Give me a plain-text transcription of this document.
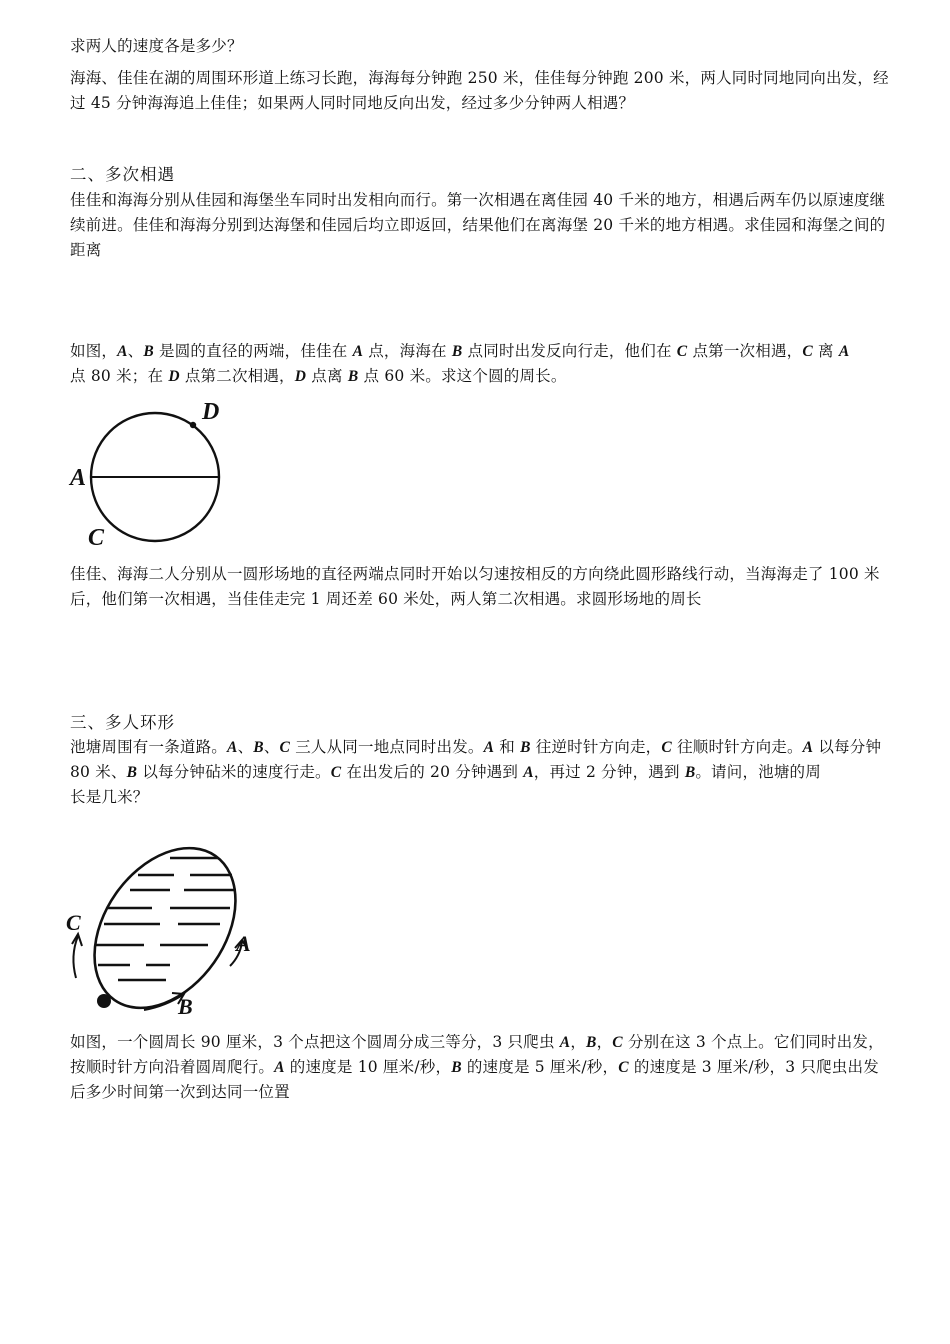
求两人的速度各是多少？
海海、佳佳在湖的周围环形道上练习长跑，海海每分钟跑 250 米，佳佳每分钟跑 200 米，两人同时同地同向出发，经过 45 分钟海海追上佳佳；如果两人同时同地反向出发，经过多少分钟两人相遇？
二、多次相遇
佳佳和海海分别从佳园和海堡坐车同时出发相向而行。第一次相遇在离佳园 40 千米的地方，相遇后两车仍以原速度继续前进。佳佳和海海分别到达海堡和佳园后均立即返回，结果他们在离海堡 20 千米的地方相遇。求佳园和海堡之间的距离
如图，A、B 是圆的直径的两端，佳佳在 A 点，海海在 B 点同时出发反向行走，他们在 C 点第一次相遇，C 离 A
点 80 米；在 D 点第二次相遇，D 点离 B 点 60 米。求这个圆的周长。
A
D
C
佳佳、海海二人分别从一圆形场地的直径两端点同时开始以匀速按相反的方向绕此圆形路线行动，当海海走了 100 米后，他们第一次相遇，当佳佳走完 1 周还差 60 米处，两人第二次相遇。求圆形场地的周长
三、多人环形
池塘周围有一条道路。A、B、C 三人从同一地点同时出发。A 和 B 往逆时针方向走，C 往顺时针方向走。A 以每分钟 80 米、B 以每分钟砧米的速度行走。C 在出发后的 20 分钟遇到 A，再过 2 分钟，遇到 B。请问，池塘的周
长是几米？
C
A
B
如图，一个圆周长 90 厘米，3 个点把这个圆周分成三等分，3 只爬虫 A，B，C 分别在这 3 个点上。它们同时出发，按顺时针方向沿着圆周爬行。A 的速度是 10 厘米/秒，B 的速度是 5 厘米/秒，C 的速度是 3 厘米/秒，3 只爬虫出发后多少时间第一次到达同一位置
